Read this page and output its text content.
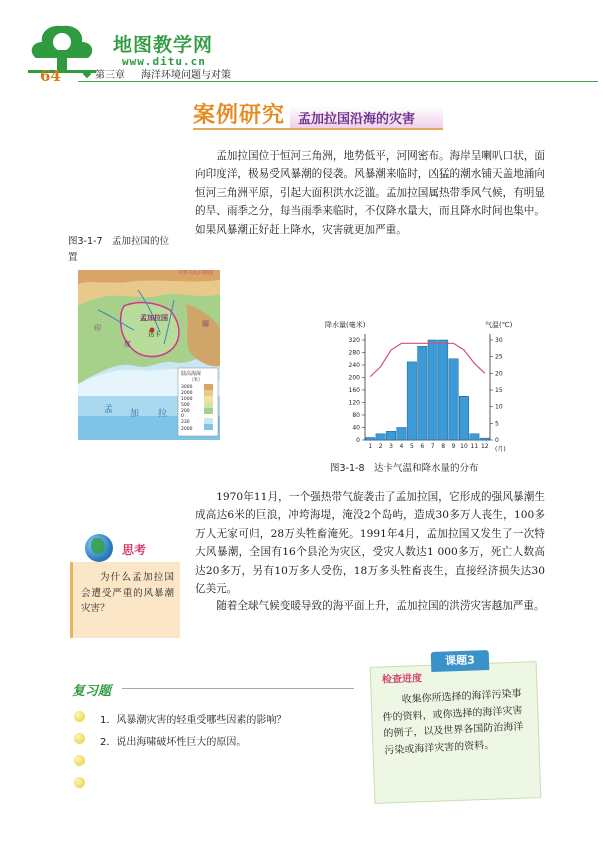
地图教学网
www.ditu.cn
64	第三章 海洋环境问题与对策
案例研究 孟加拉国沿海的灾害
孟加拉国位于恒河三角洲，地势低平，河网密布。海岸呈喇叭口状，面向印度洋，极易受风暴潮的侵袭。风暴潮来临时，凶猛的潮水铺天盖地涌向恒河三角洲平原，引起大面积洪水泛滥。孟加拉国属热带季风气候，有明显的旱、雨季之分，每当雨季来临时，不仅降水量大，而且降水时间也集中。如果风暴潮正好赶上降水，灾害就更加严重。
图3-1-7　孟加拉国的位置
中华人民共和国
孟加拉国
达卡
印
度
缅
孟 加 拉
陆高海深
（米）
3000
2000
1000
500
200
0
230
2000
降水量(毫米)	气温(℃)
(月)
0
40
80
120
160
200
240
280
320
0
5
10
15
20
25
30
1 2 3 4 5 6 7 8 9 10 11 12
图3-1-8　达卡气温和降水量的分布
1970年11月，一个强热带气旋袭击了孟加拉国，它形成的强风暴潮生成高达6米的巨浪，冲垮海堤，淹没2个岛屿，造成30多万人丧生，100多万人无家可归，28万头牲畜淹死。1991年4月，孟加拉国又发生了一次特大风暴潮，全国有16个县沦为灾区，受灾人数达1 000多万，死亡人数高达20多万，另有10万多人受伤，18万多头牲畜丧生，直接经济损失达30亿美元。
随着全球气候变暖导致的海平面上升，孟加拉国的洪涝灾害越加严重。
思考
为什么孟加拉国会遭受严重的风暴潮灾害？
复习题
1．风暴潮灾害的轻重受哪些因素的影响？
2．说出海啸破坏性巨大的原因。
课题3
检查进度
收集你所选择的海洋污染事件的资料，或你选择的海洋灾害的例子，以及世界各国防治海洋污染或海洋灾害的资料。
